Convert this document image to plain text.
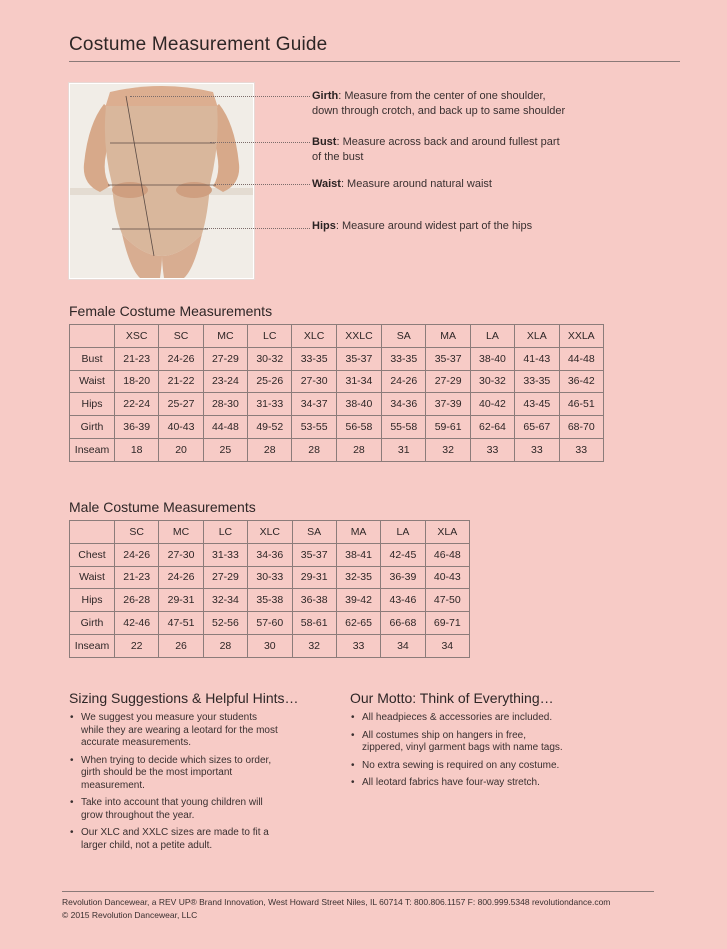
Costume Measurement Guide
Girth: Measure from the center of one shoulder,
down through crotch, and back up to same shoulder
Bust: Measure across back and around fullest part
of the bust
Waist: Measure around natural waist
Hips: Measure around widest part of the hips
Female Costume Measurements
	XSC	SC	MC	LC	XLC	XXLC	SA	MA	LA	XLA	XXLA
Bust	21-23	24-26	27-29	30-32	33-35	35-37	33-35	35-37	38-40	41-43	44-48
Waist	18-20	21-22	23-24	25-26	27-30	31-34	24-26	27-29	30-32	33-35	36-42
Hips	22-24	25-27	28-30	31-33	34-37	38-40	34-36	37-39	40-42	43-45	46-51
Girth	36-39	40-43	44-48	49-52	53-55	56-58	55-58	59-61	62-64	65-67	68-70
Inseam	18	20	25	28	28	28	31	32	33	33	33
Male Costume Measurements
	SC	MC	LC	XLC	SA	MA	LA	XLA
Chest	24-26	27-30	31-33	34-36	35-37	38-41	42-45	46-48
Waist	21-23	24-26	27-29	30-33	29-31	32-35	36-39	40-43
Hips	26-28	29-31	32-34	35-38	36-38	39-42	43-46	47-50
Girth	42-46	47-51	52-56	57-60	58-61	62-65	66-68	69-71
Inseam	22	26	28	30	32	33	34	34
Sizing Suggestions & Helpful Hints…
• We suggest you measure your students
while they are wearing a leotard for the most
accurate measurements.
• When trying to decide which sizes to order,
girth should be the most important
measurement.
• Take into account that young children will
grow throughout the year.
• Our XLC and XXLC sizes are made to fit a
larger child, not a petite adult.
Our Motto: Think of Everything…
• All headpieces & accessories are included.
• All costumes ship on hangers in free,
zippered, vinyl garment bags with name tags.
• No extra sewing is required on any costume.
• All leotard fabrics have four-way stretch.
Revolution Dancewear, a REV UP® Brand Innovation, West Howard Street Niles, IL 60714 T: 800.806.1157 F: 800.999.5348 revolutiondance.com
© 2015 Revolution Dancewear, LLC
